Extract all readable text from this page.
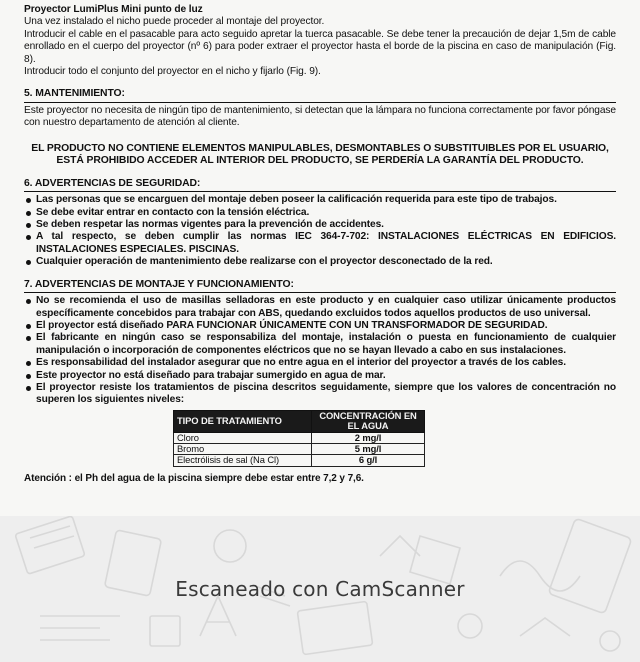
Proyector LumiPlus Mini punto de luz
Una vez instalado el nicho puede proceder al montaje del proyector.
Introducir el cable en el pasacable para acto seguido apretar la tuerca pasacable. Se debe tener la precaución de dejar 1,5m de cable enrollado en el cuerpo del proyector (nº 6) para poder extraer el proyector hasta el borde de la piscina en caso de manipulación (Fig. 8).
Introducir todo el conjunto del proyector en el nicho y fijarlo (Fig. 9).
5. MANTENIMIENTO:
Este proyector no necesita de ningún tipo de mantenimiento, si detectan que la lámpara no funciona correctamente por favor póngase con nuestro departamento de atención al cliente.
EL PRODUCTO NO CONTIENE ELEMENTOS MANIPULABLES, DESMONTABLES O SUBSTITUIBLES POR EL USUARIO,
ESTÁ PROHIBIDO ACCEDER AL INTERIOR DEL PRODUCTO, SE PERDERÍA LA GARANTÍA DEL PRODUCTO.
6. ADVERTENCIAS DE SEGURIDAD:
Las personas que se encarguen del montaje deben poseer la calificación requerida para este tipo de trabajos.
Se debe evitar entrar en contacto con la tensión eléctrica.
Se deben respetar las normas vigentes para la prevención de accidentes.
A tal respecto, se deben cumplir las normas IEC 364-7-702: INSTALACIONES ELÉCTRICAS EN EDIFICIOS. INSTALACIONES ESPECIALES. PISCINAS.
Cualquier operación de mantenimiento debe realizarse con el proyector desconectado de la red.
7. ADVERTENCIAS DE MONTAJE Y FUNCIONAMIENTO:
No se recomienda el uso de masillas selladoras en este producto y en cualquier caso utilizar únicamente productos específicamente concebidos para trabajar con ABS, quedando excluidos todos aquellos productos de uso universal.
El proyector está diseñado PARA FUNCIONAR ÚNICAMENTE CON UN TRANSFORMADOR DE SEGURIDAD.
El fabricante en ningún caso se responsabiliza del montaje, instalación o puesta en funcionamiento de cualquier manipulación o incorporación de componentes eléctricos que no se hayan llevado a cabo en sus instalaciones.
Es responsabilidad del instalador asegurar que no entre agua en el interior del proyector a través de los cables.
Este proyector no está diseñado para trabajar sumergido en agua de mar.
El proyector resiste los tratamientos de piscina descritos seguidamente, siempre que los valores de concentración no superen los siguientes niveles:
TIPO DE TRATAMIENTO	CONCENTRACIÓN EN EL AGUA
Cloro	2 mg/l
Bromo	5 mg/l
Electrólisis de sal (Na Cl)	6 g/l
Atención : el Ph del agua de la piscina siempre debe estar entre 7,2 y 7,6.
Escaneado con CamScanner
